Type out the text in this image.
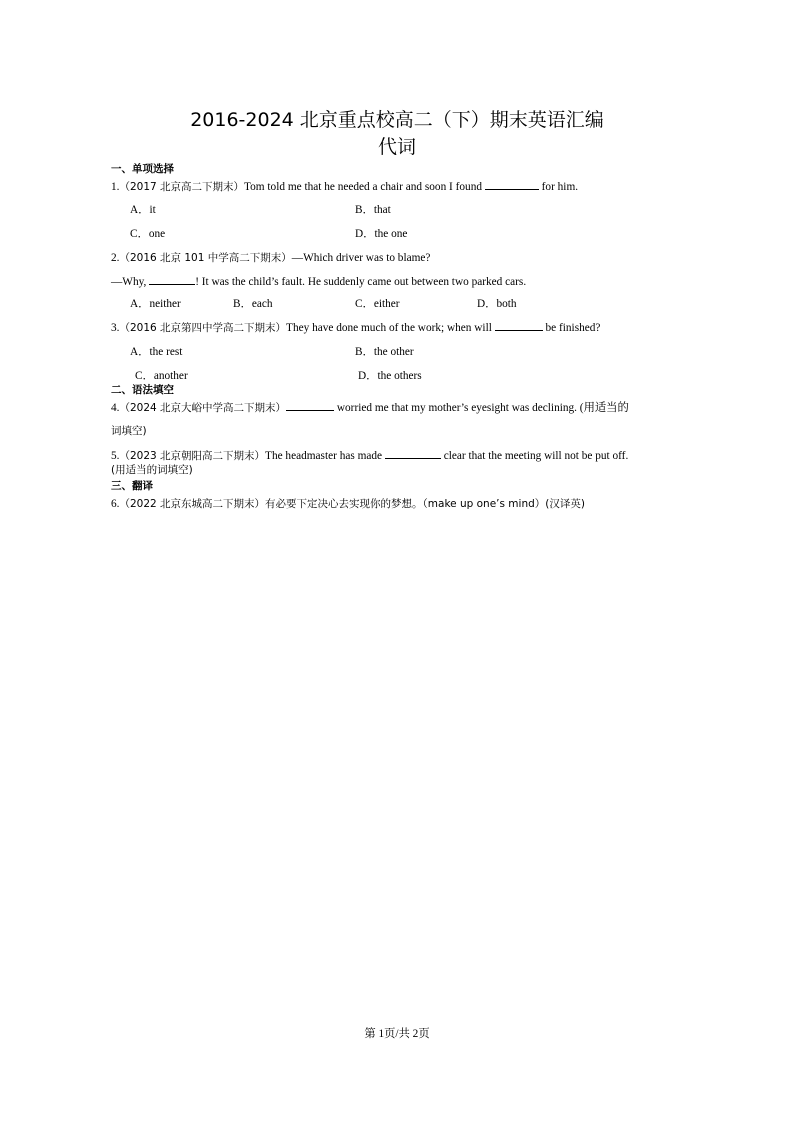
2016-2024 北京重点校高二（下）期末英语汇编
代词
一、单项选择
1.（2017 北京高二下期末）Tom told me that he needed a chair and soon I found	for him.
A．it	B．that
C．one	D．the one
2.（2016 北京 101 中学高二下期末）—Which driver was to blame?
—Why,	! It was the child’s fault. He suddenly came out between two parked cars.
A．neither	B．each	C．either	D．both
3.（2016 北京第四中学高二下期末）They have done much of the work; when will	be finished?
A．the rest	B．the other
C．another	D．the others
二、语法填空
4.（2024 北京大峪中学高二下期末）	worried me that my mother’s eyesight was declining. (用适当的
词填空)
5.（2023 北京朝阳高二下期末）The headmaster has made	clear that the meeting will not be put off.
(用适当的词填空)
三、翻译
6.（2022 北京东城高二下期末）有必要下定决心去实现你的梦想。（make up one’s mind）(汉译英)
第 1页/共 2页
